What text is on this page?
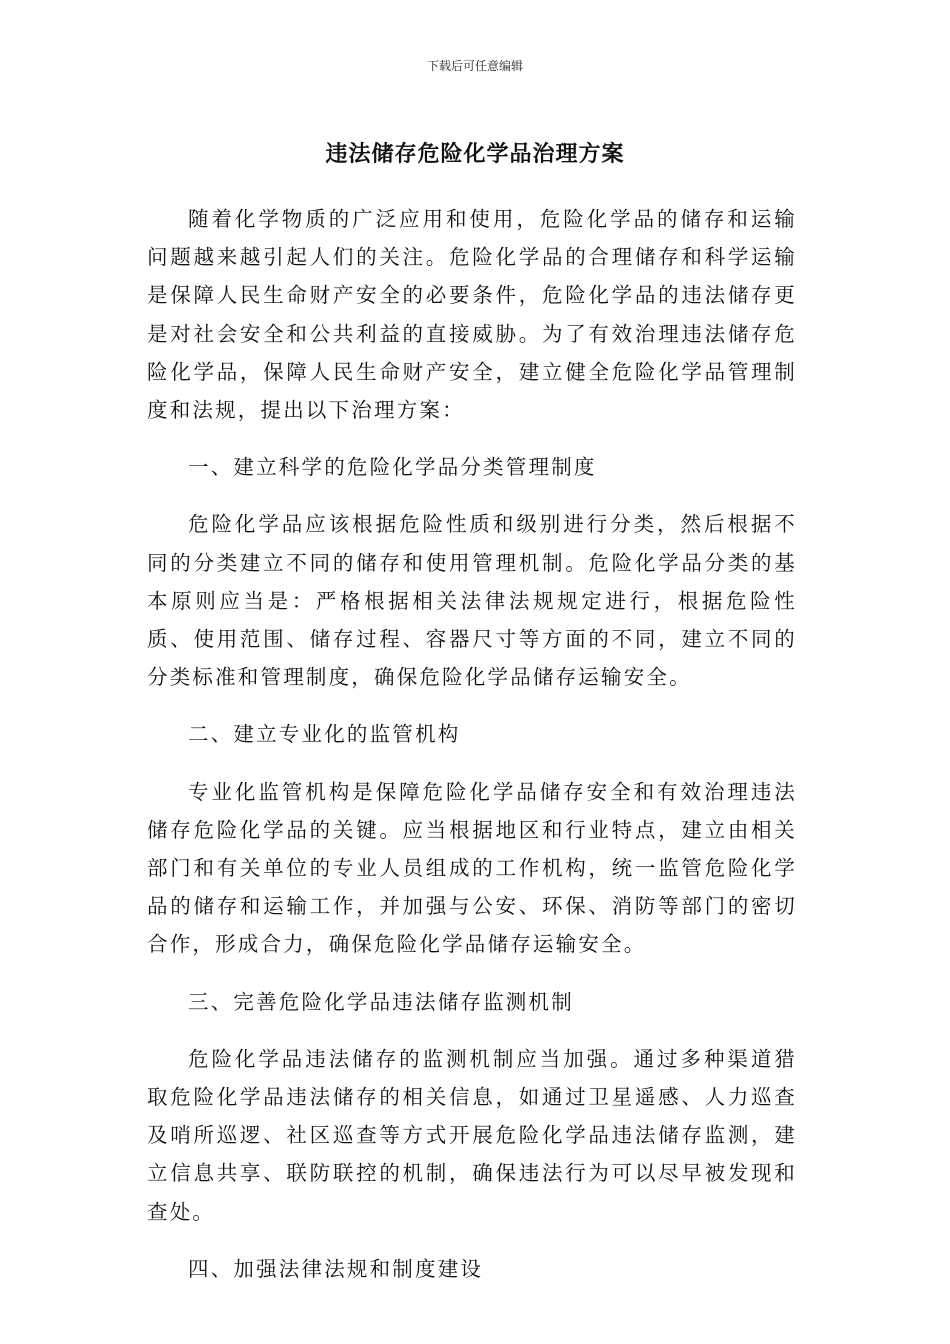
下载后可任意编辑
违法储存危险化学品治理方案

随着化学物质的广泛应用和使用，危险化学品的储存和运输问题越来越引起人们的关注。危险化学品的合理储存和科学运输是保障人民生命财产安全的必要条件，危险化学品的违法储存更是对社会安全和公共利益的直接威胁。为了有效治理违法储存危险化学品，保障人民生命财产安全，建立健全危险化学品管理制度和法规，提出以下治理方案：

一、建立科学的危险化学品分类管理制度

危险化学品应该根据危险性质和级别进行分类，然后根据不同的分类建立不同的储存和使用管理机制。危险化学品分类的基本原则应当是：严格根据相关法律法规规定进行，根据危险性质、使用范围、储存过程、容器尺寸等方面的不同，建立不同的分类标准和管理制度，确保危险化学品储存运输安全。

二、建立专业化的监管机构

专业化监管机构是保障危险化学品储存安全和有效治理违法储存危险化学品的关键。应当根据地区和行业特点，建立由相关部门和有关单位的专业人员组成的工作机构，统一监管危险化学品的储存和运输工作，并加强与公安、环保、消防等部门的密切合作，形成合力，确保危险化学品储存运输安全。

三、完善危险化学品违法储存监测机制

危险化学品违法储存的监测机制应当加强。通过多种渠道猎取危险化学品违法储存的相关信息，如通过卫星遥感、人力巡查及哨所巡逻、社区巡查等方式开展危险化学品违法储存监测，建立信息共享、联防联控的机制，确保违法行为可以尽早被发现和查处。

四、加强法律法规和制度建设
